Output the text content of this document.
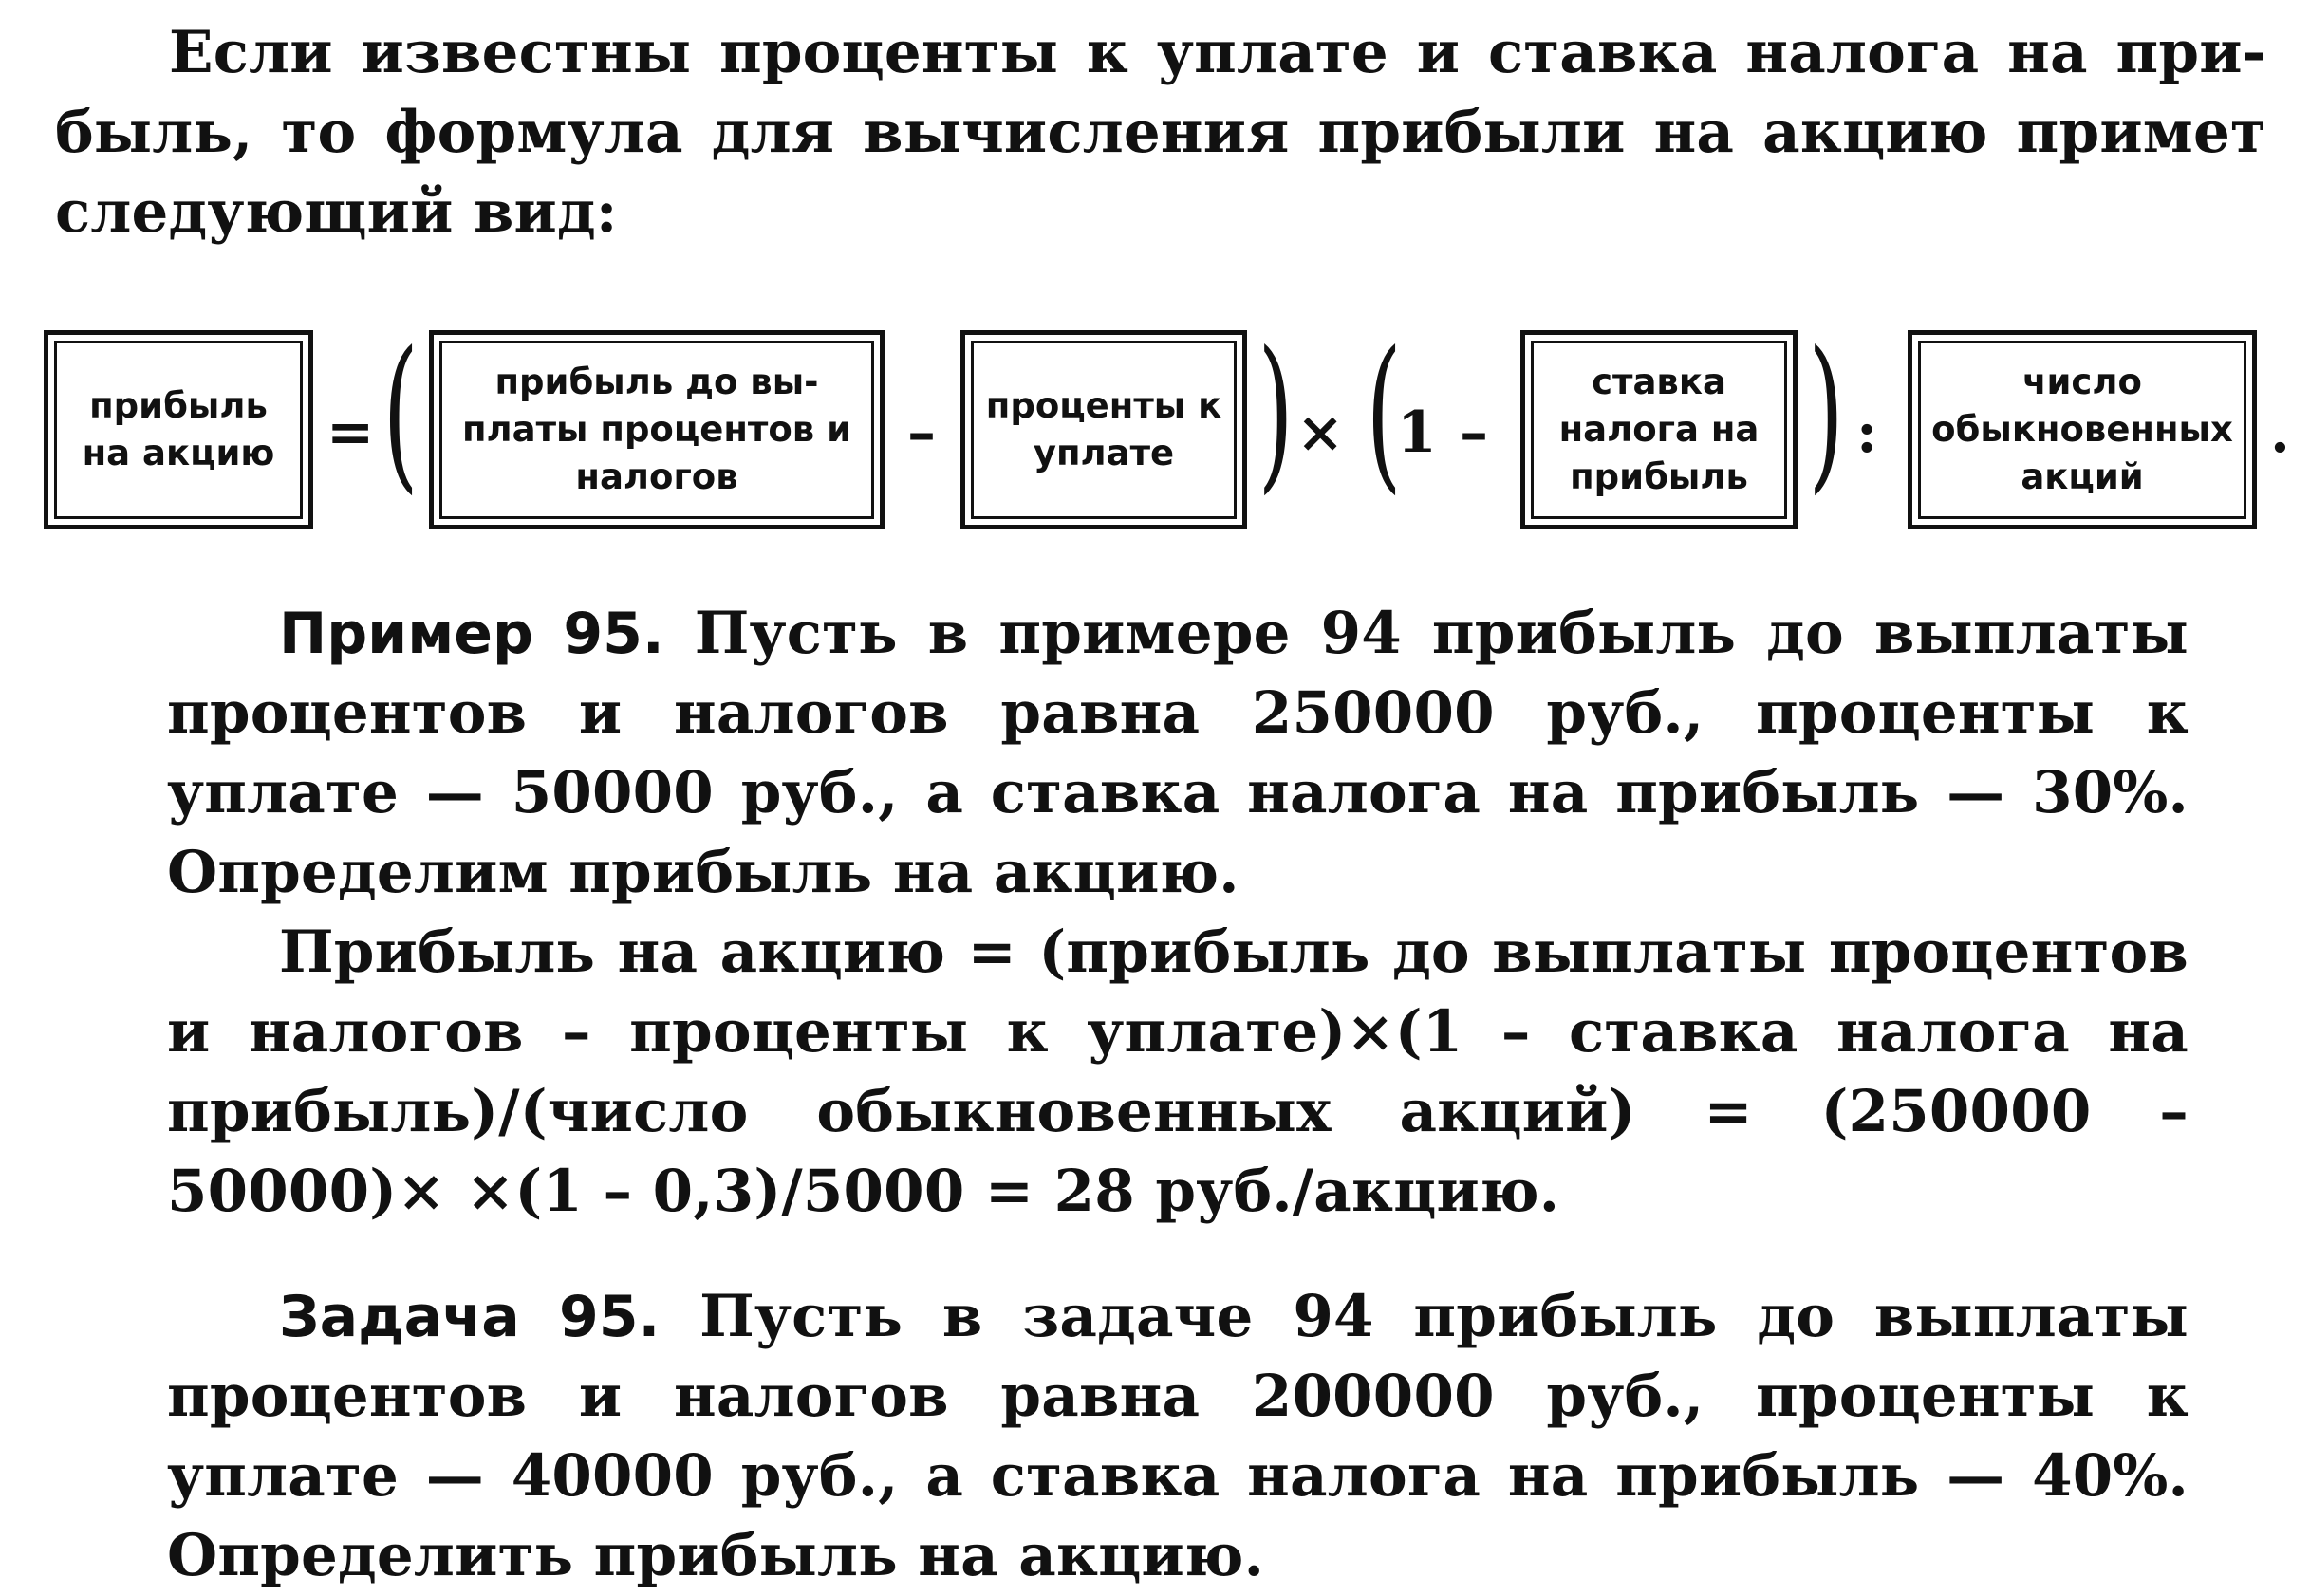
Если известны проценты к уплате и ставка налога на прибыль, то формула для вычисления прибыли на акцию примет следующий вид:

прибыль на акцию = (	прибыль до выплаты процентов и налогов
– проценты к уплате ) × (
1 –
ставка налога на прибыль ) :
число обыкновенных акций
.

Пример 95. Пусть в примере 94 прибыль до выплаты процентов и налогов равна 250000 руб., проценты к уплате — 50000 руб., а ставка налога на прибыль — 30%. Определим прибыль на акцию.

Прибыль на акцию = (прибыль до выплаты процентов и налогов – проценты к уплате)×(1 – ставка налога на прибыль)/(число обыкновенных акций) = (250000 – 50000)× ×(1 – 0,3)/5000 = 28 руб./акцию.

Задача 95. Пусть в задаче 94 прибыль до выплаты процентов и налогов равна 200000 руб., проценты к уплате — 40000 руб., а ставка налога на прибыль — 40%. Определить прибыль на акцию.
